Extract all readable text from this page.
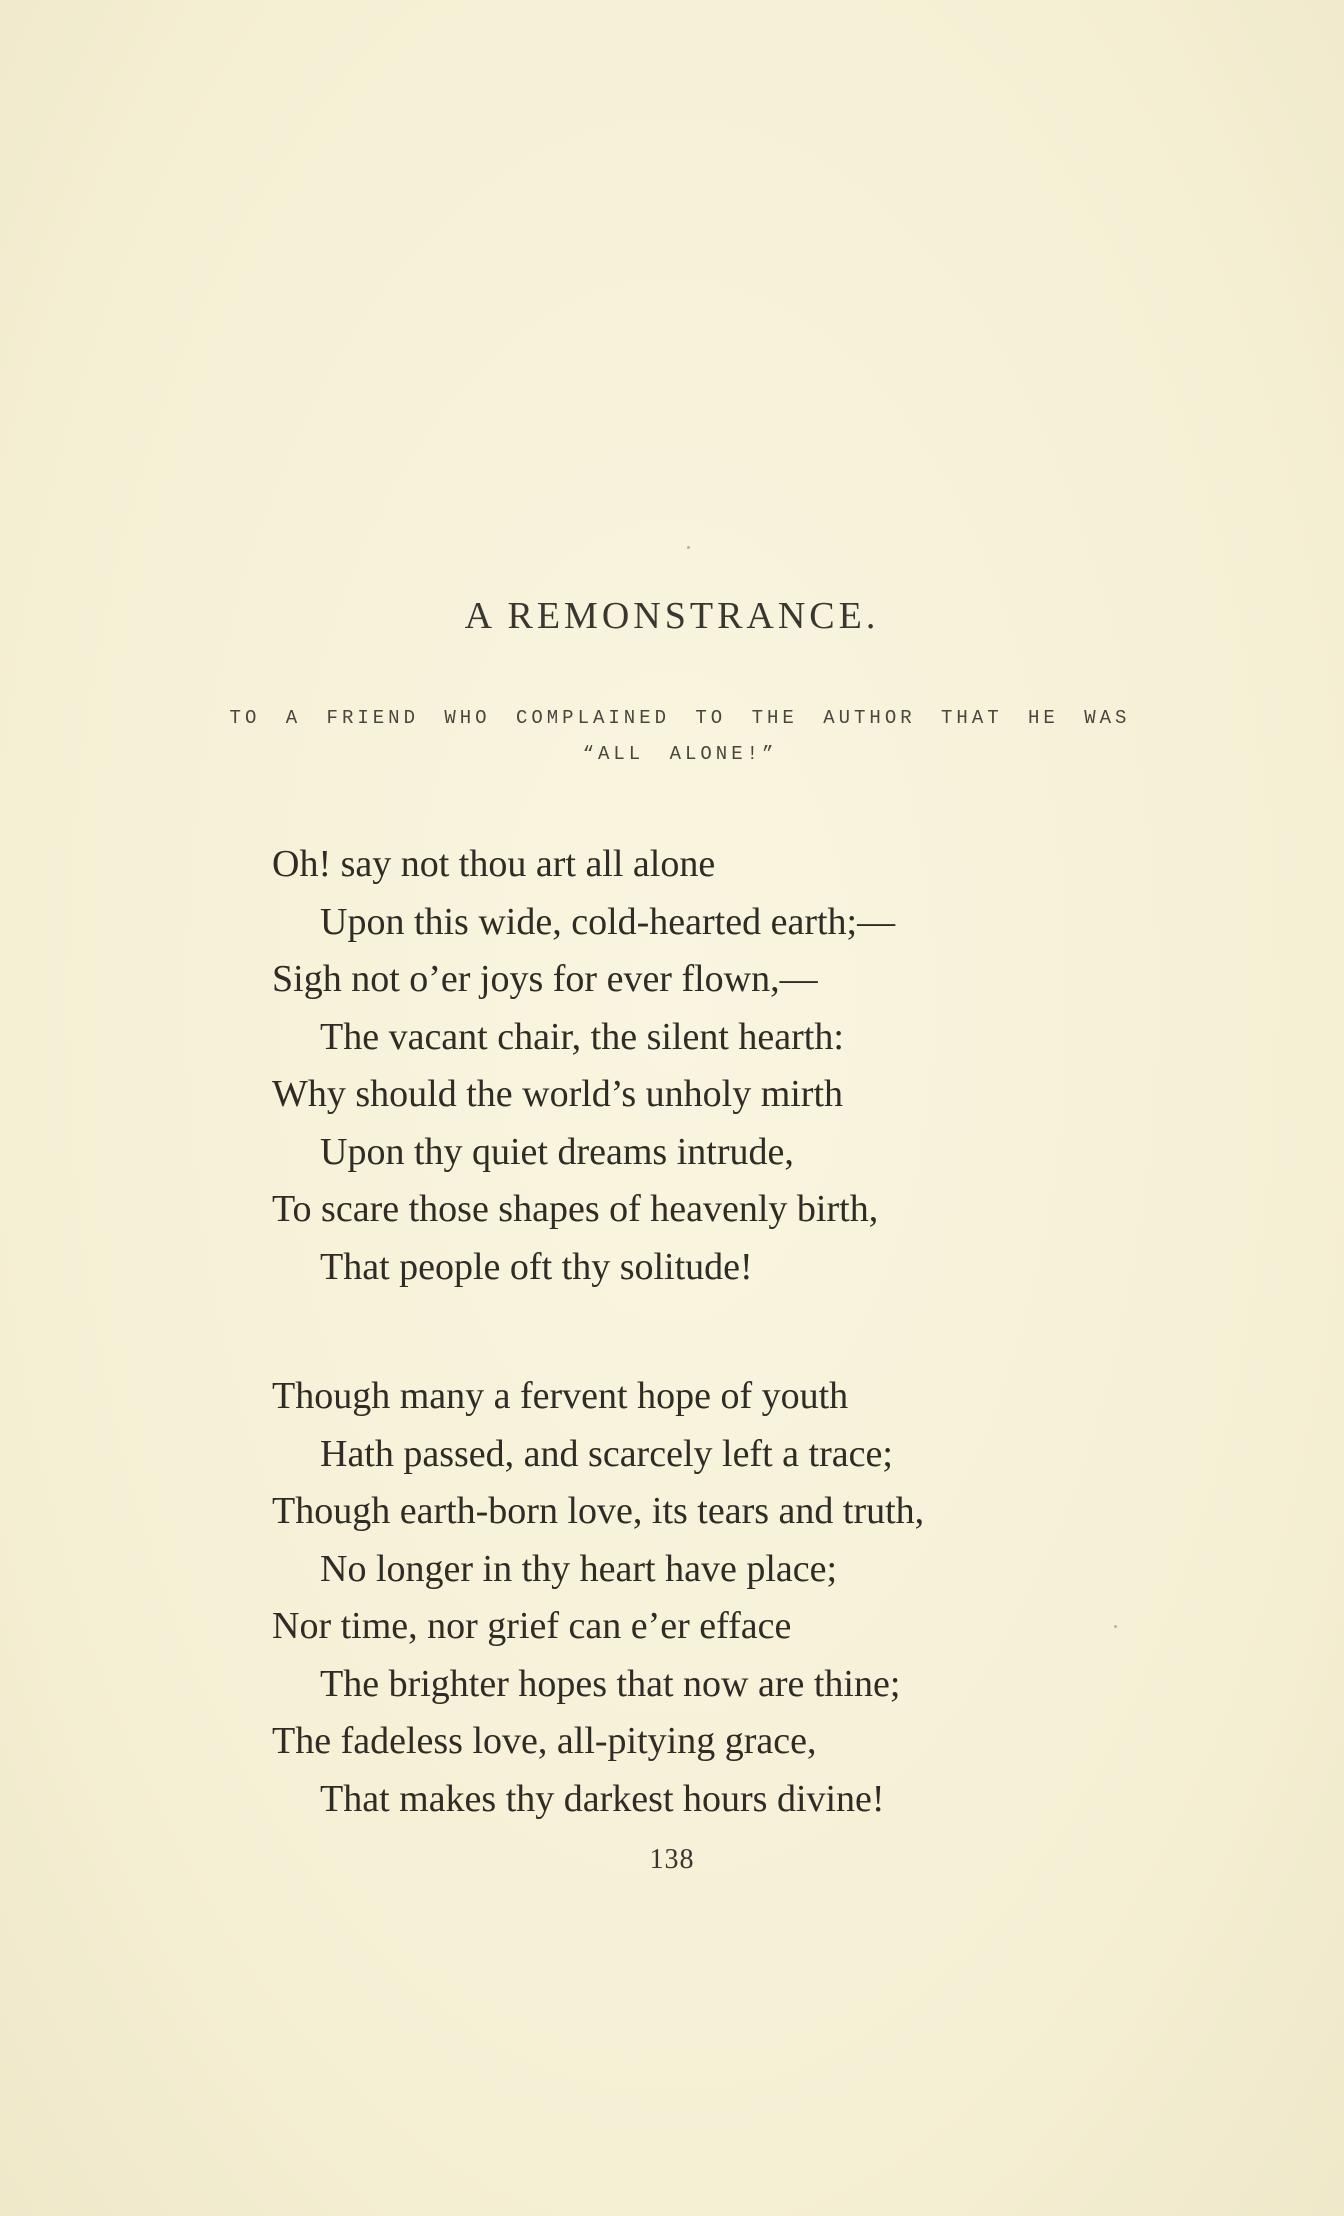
A REMONSTRANCE.
TO A FRIEND WHO COMPLAINED TO THE AUTHOR THAT HE WAS
“ALL ALONE!”
Oh! say not thou art all alone
Upon this wide, cold-hearted earth;—
Sigh not o’er joys for ever flown,—
The vacant chair, the silent hearth:
Why should the world’s unholy mirth
Upon thy quiet dreams intrude,
To scare those shapes of heavenly birth,
That people oft thy solitude!
Though many a fervent hope of youth
Hath passed, and scarcely left a trace;
Though earth-born love, its tears and truth,
No longer in thy heart have place;
Nor time, nor grief can e’er efface
The brighter hopes that now are thine;
The fadeless love, all-pitying grace,
That makes thy darkest hours divine!
138
